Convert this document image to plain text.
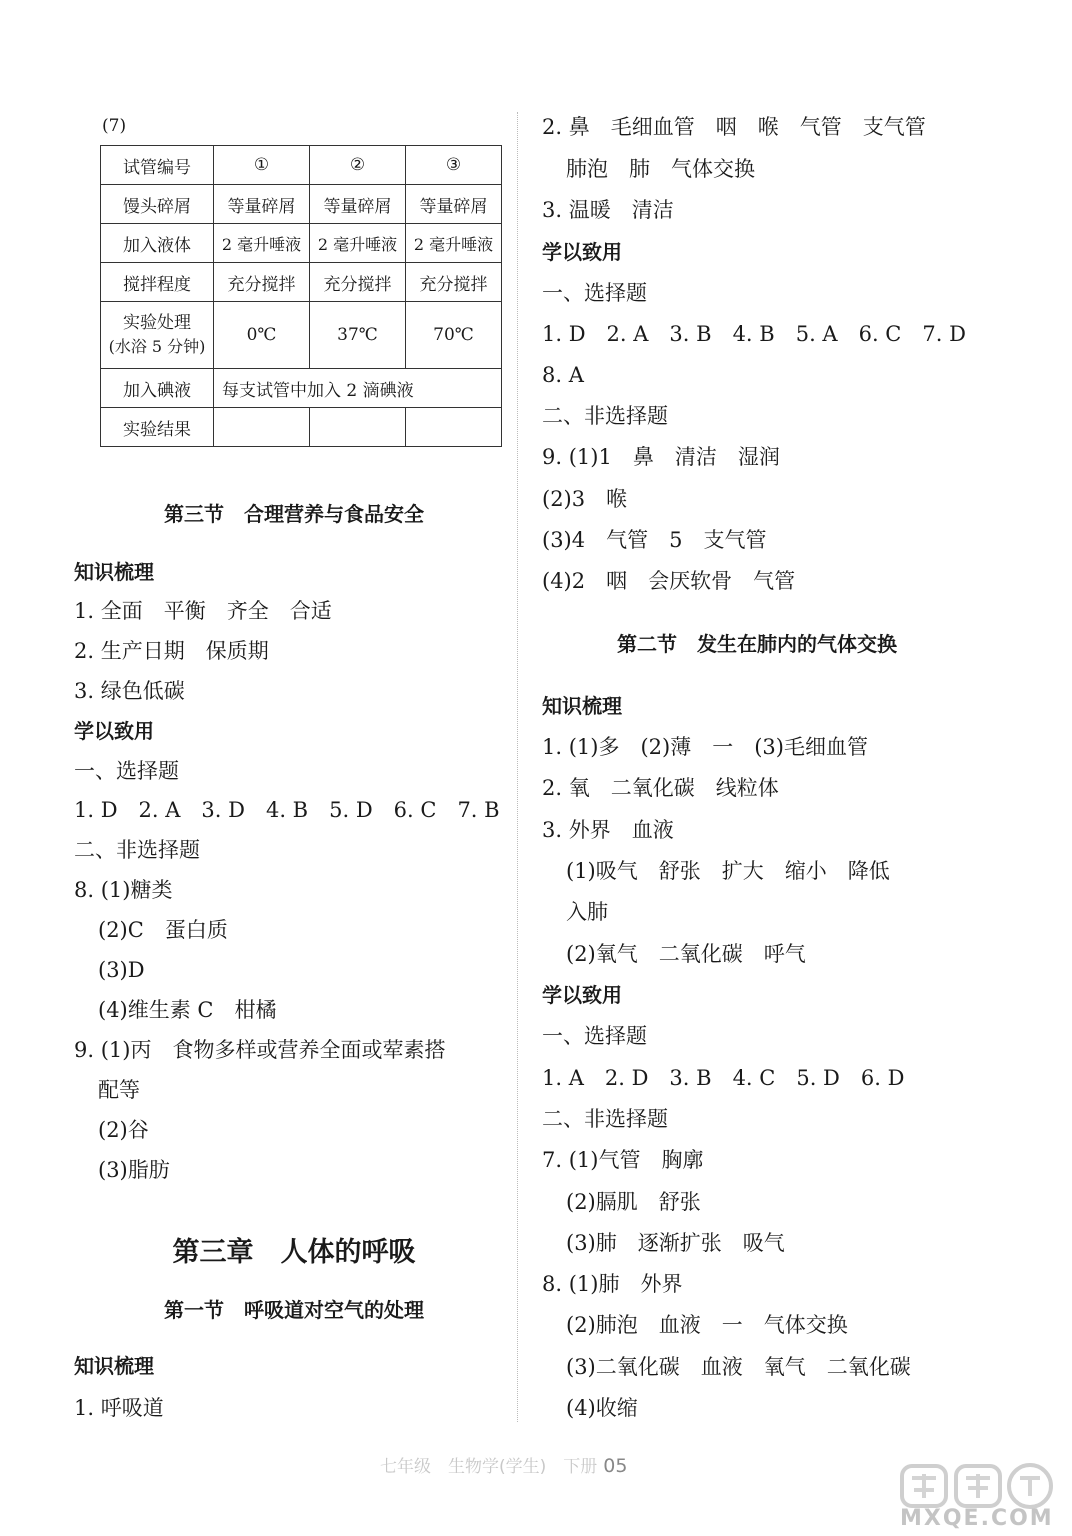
(7)
试管编号	①	②	③
馒头碎屑	等量碎屑	等量碎屑	等量碎屑
加入液体	2 毫升唾液	2 毫升唾液	2 毫升唾液
搅拌程度	充分搅拌	充分搅拌	充分搅拌

实验处理
(水浴 5 分钟)	0℃	37℃	70℃
加入碘液	每支试管中加入 2 滴碘液		
实验结果			
第三节　合理营养与食品安全
知识梳理
1. 全面　平衡　齐全　合适
2. 生产日期　保质期
3. 绿色低碳
学以致用
一、选择题
1. D　2. A　3. D　4. B　5. D　6. C　7. B
二、非选择题
8. (1)糖类
(2)C　蛋白质
(3)D
(4)维生素 C　柑橘
9. (1)丙　食物多样或营养全面或荤素搭
配等
(2)谷
(3)脂肪
第三章　人体的呼吸
第一节　呼吸道对空气的处理
知识梳理
1. 呼吸道
2. 鼻　毛细血管　咽　喉　气管　支气管
肺泡　肺　气体交换
3. 温暖　清洁
学以致用
一、选择题
1. D　2. A　3. B　4. B　5. A　6. C　7. D
8. A
二、非选择题
9. (1)1　鼻　清洁　湿润
(2)3　喉
(3)4　气管　5　支气管
(4)2　咽　会厌软骨　气管
第二节　发生在肺内的气体交换
知识梳理
1. (1)多　(2)薄　一　(3)毛细血管
2. 氧　二氧化碳　线粒体
3. 外界　血液
(1)吸气　舒张　扩大　缩小　降低
入肺
(2)氧气　二氧化碳　呼气
学以致用
一、选择题
1. A　2. D　3. B　4. C　5. D　6. D
二、非选择题
7. (1)气管　胸廓
(2)膈肌　舒张
(3)肺　逐渐扩张　吸气
8. (1)肺　外界
(2)肺泡　血液　一　气体交换
(3)二氧化碳　血液　氧气　二氧化碳
(4)收缩
七年级　生物学(学生)　下册 05
MXQE.COM
